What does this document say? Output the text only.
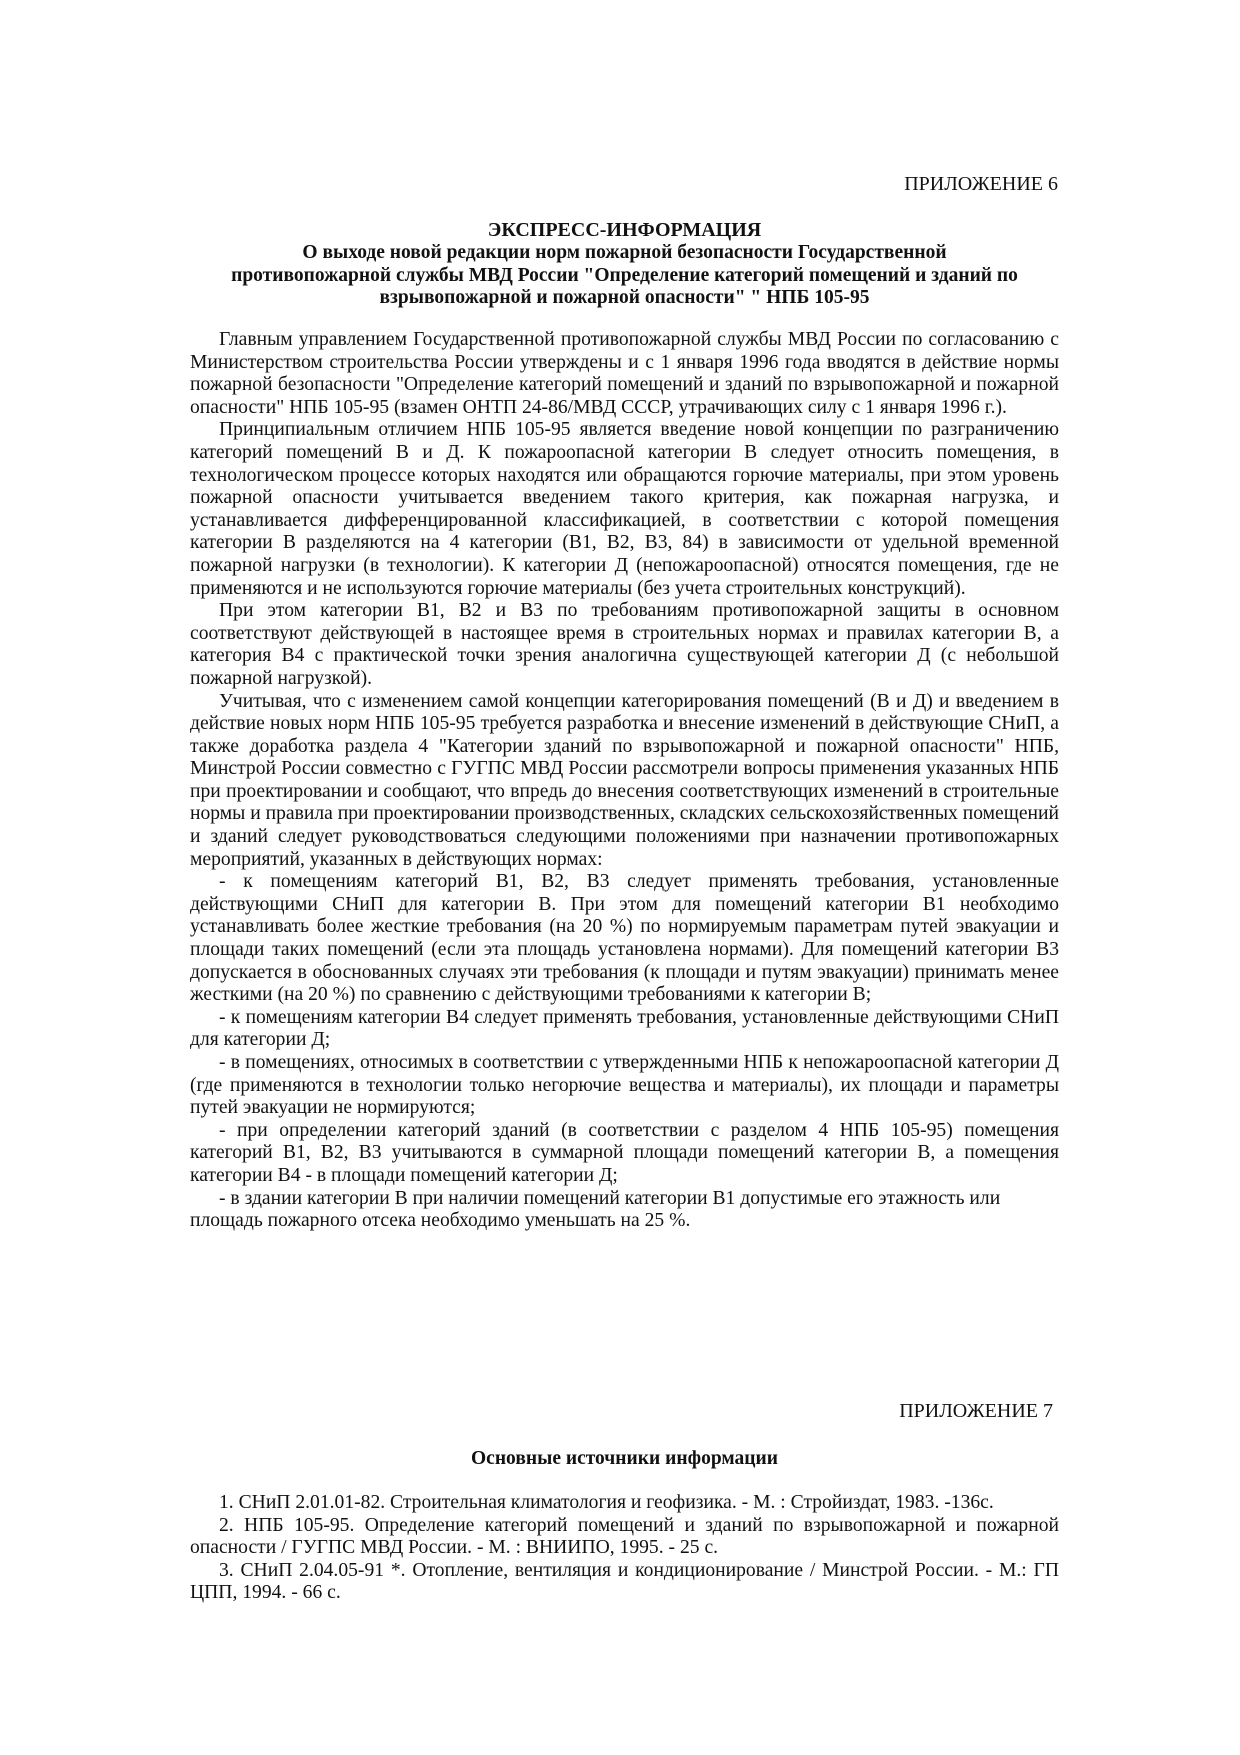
ПРИЛОЖЕНИЕ 6
ЭКСПРЕСС-ИНФОРМАЦИЯ
О выходе новой редакции норм пожарной безопасности Государственной
противопожарной службы МВД России "Определение категорий помещений и зданий по
взрывопожарной и пожарной опасности" " НПБ 105-95

Главным управлением Государственной противопожарной службы МВД России по согласованию с Министерством строительства России утверждены и с 1 января 1996 года вводятся в действие нормы пожарной безопасности "Определение категорий помещений и зданий по взрывопожарной и пожарной опасности" НПБ 105-95 (взамен ОНТП 24-86/МВД СССР, утрачивающих силу с 1 января 1996 г.).

Принципиальным отличием НПБ 105-95 является введение новой концепции по разграничению категорий помещений В и Д. К пожароопасной категории В следует относить помещения, в технологическом процессе которых находятся или обращаются горючие материалы, при этом уровень пожарной опасности учитывается введением такого критерия, как пожарная нагрузка, и устанавливается дифференцированной классификацией, в соответствии с которой помещения категории В разделяются на 4 категории (В1, В2, В3, 84) в зависимости от удельной временной пожарной нагрузки (в технологии). К категории Д (непожароопасной) относятся помещения, где не применяются и не используются горючие материалы (без учета строительных конструкций).

При этом категории В1, В2 и В3 по требованиям противопожарной защиты в основном соответствуют действующей в настоящее время в строительных нормах и правилах категории В, а категория В4 с практической точки зрения аналогична существующей категории Д (с небольшой пожарной нагрузкой).

Учитывая, что с изменением самой концепции категорирования помещений (В и Д) и введением в действие новых норм НПБ 105-95 требуется разработка и внесение изменений в действующие СНиП, а также доработка раздела 4 "Категории зданий по взрывопожарной и пожарной опасности" НПБ, Минстрой России совместно с ГУГПС МВД России рассмотрели вопросы применения указанных НПБ при проектировании и сообщают, что впредь до внесения соответствующих изменений в строительные нормы и правила при проектировании производственных, складских сельскохозяйственных помещений и зданий следует руководствоваться следующими положениями при назначении противопожарных мероприятий, указанных в действующих нормах:

- к помещениям категорий В1, В2, В3 следует применять требования, установленные действующими СНиП для категории В. При этом для помещений категории В1 необходимо устанавливать более жесткие требования (на 20 %) по нормируемым параметрам путей эвакуации и площади таких помещений (если эта площадь установлена нормами). Для помещений категории В3 допускается в обоснованных случаях эти требования (к площади и путям эвакуации) принимать менее жесткими (на 20 %) по сравнению с действующими требованиями к категории В;

- к помещениям категории В4 следует применять требования, установленные действующими СНиП для категории Д;

- в помещениях, относимых в соответствии с утвержденными НПБ к непожароопасной категории Д (где применяются в технологии только негорючие вещества и материалы), их площади и параметры путей эвакуации не нормируются;

- при определении категорий зданий (в соответствии с разделом 4 НПБ 105-95) помещения категорий В1, В2, В3 учитываются в суммарной площади помещений категории В, а помещения категории В4 - в площади помещений категории Д;

- в здании категории В при наличии помещений категории В1 допустимые его этажность или площадь пожарного отсека необходимо уменьшать на 25 %.

ПРИЛОЖЕНИЕ 7
Основные источники информации

1. СНиП 2.01.01-82. Строительная климатология и геофизика. - М. : Стройиздат, 1983. -136с.

2. НПБ 105-95. Определение категорий помещений и зданий по взрывопожарной и пожарной опасности / ГУГПС МВД России. - М. : ВНИИПО, 1995. - 25 с.

3. СНиП 2.04.05-91 *. Отопление, вентиляция и кондиционирование / Минстрой России. - М.: ГП ЦПП, 1994. - 66 с.
